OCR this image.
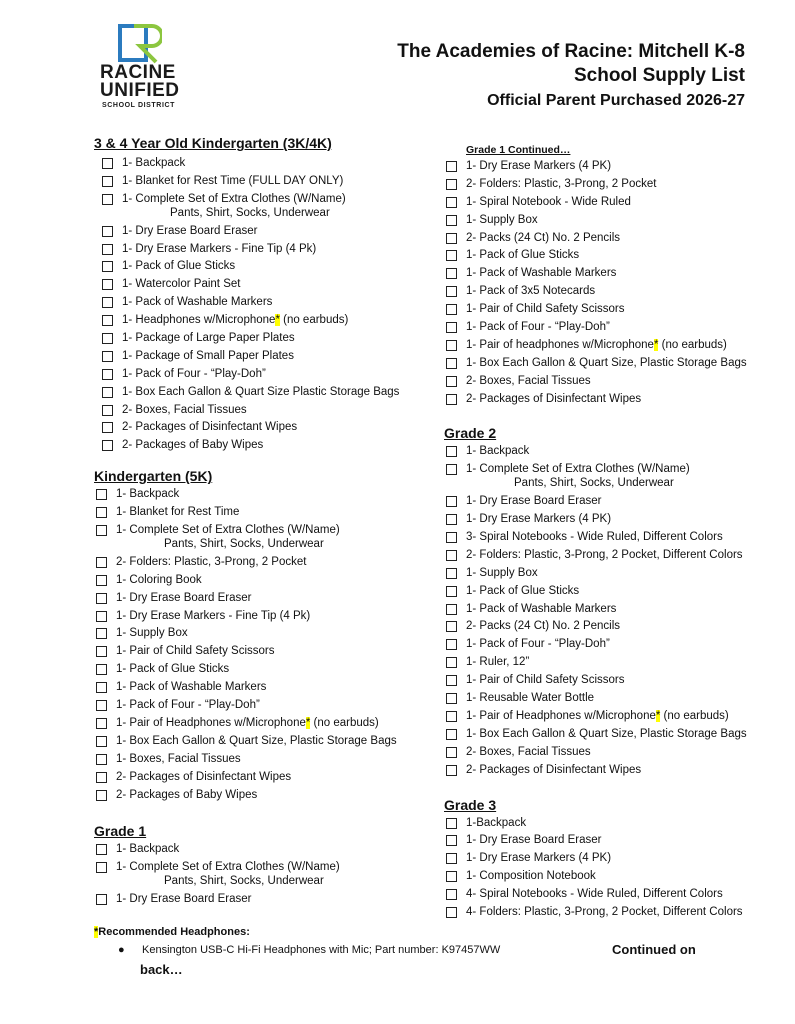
RACINE
UNIFIED
SCHOOL DISTRICT
The Academies of Racine: Mitchell K-8
School Supply List
Official Parent Purchased 2026-27
3 & 4 Year Old Kindergarten (3K/4K)
1- Backpack
1- Blanket for Rest Time (FULL DAY ONLY)
1- Complete Set of Extra Clothes (W/Name)
Pants, Shirt, Socks, Underwear
1- Dry Erase Board Eraser
1- Dry Erase Markers - Fine Tip (4 Pk)
1- Pack of Glue Sticks
1- Watercolor Paint Set
1- Pack of Washable Markers
1- Headphones w/Microphone* (no earbuds)
1- Package of Large Paper Plates
1- Package of Small Paper Plates
1- Pack of Four - “Play-Doh”
1- Box Each Gallon & Quart Size Plastic Storage Bags
2- Boxes, Facial Tissues
2- Packages of Disinfectant Wipes
2- Packages of Baby Wipes
Kindergarten (5K)
1- Backpack
1- Blanket for Rest Time
1- Complete Set of Extra Clothes (W/Name)
Pants, Shirt, Socks, Underwear
2- Folders: Plastic, 3-Prong, 2 Pocket
1- Coloring Book
1- Dry Erase Board Eraser
1- Dry Erase Markers - Fine Tip (4 Pk)
1- Supply Box
1- Pair of Child Safety Scissors
1- Pack of Glue Sticks
1- Pack of Washable Markers
1- Pack of Four - “Play-Doh”
1- Pair of Headphones w/Microphone* (no earbuds)
1- Box Each Gallon & Quart Size, Plastic Storage Bags
1- Boxes, Facial Tissues
2- Packages of Disinfectant Wipes
2- Packages of Baby Wipes
Grade 1
1- Backpack
1- Complete Set of Extra Clothes (W/Name)
Pants, Shirt, Socks, Underwear
1- Dry Erase Board Eraser
Grade 1 Continued…
1- Dry Erase Markers (4 PK)
2- Folders: Plastic, 3-Prong, 2 Pocket
1- Spiral Notebook - Wide Ruled
1- Supply Box
2- Packs (24 Ct) No. 2 Pencils
1- Pack of Glue Sticks
1- Pack of Washable Markers
1- Pack of 3x5 Notecards
1- Pair of Child Safety Scissors
1- Pack of Four - “Play-Doh”
1- Pair of headphones w/Microphone* (no earbuds)
1- Box Each Gallon & Quart Size, Plastic Storage Bags
2- Boxes, Facial Tissues
2- Packages of Disinfectant Wipes
Grade 2
1- Backpack
1- Complete Set of Extra Clothes (W/Name)
Pants, Shirt, Socks, Underwear
1- Dry Erase Board Eraser
1- Dry Erase Markers (4 PK)
3- Spiral Notebooks - Wide Ruled, Different Colors
2- Folders: Plastic, 3-Prong, 2 Pocket, Different Colors
1- Supply Box
1- Pack of Glue Sticks
1- Pack of Washable Markers
2- Packs (24 Ct) No. 2 Pencils
1- Pack of Four - “Play-Doh”
1- Ruler, 12”
1- Pair of Child Safety Scissors
1- Reusable Water Bottle
1- Pair of Headphones w/Microphone* (no earbuds)
1- Box Each Gallon & Quart Size, Plastic Storage Bags
2- Boxes, Facial Tissues
2- Packages of Disinfectant Wipes
Grade 3
1-Backpack
1- Dry Erase Board Eraser
1- Dry Erase Markers (4 PK)
1- Composition Notebook
4- Spiral Notebooks - Wide Ruled, Different Colors
4- Folders: Plastic, 3-Prong, 2 Pocket, Different Colors
*Recommended Headphones:
● Kensington USB-C Hi-Fi Headphones with Mic; Part number: K97457WW	Continued on
back…
